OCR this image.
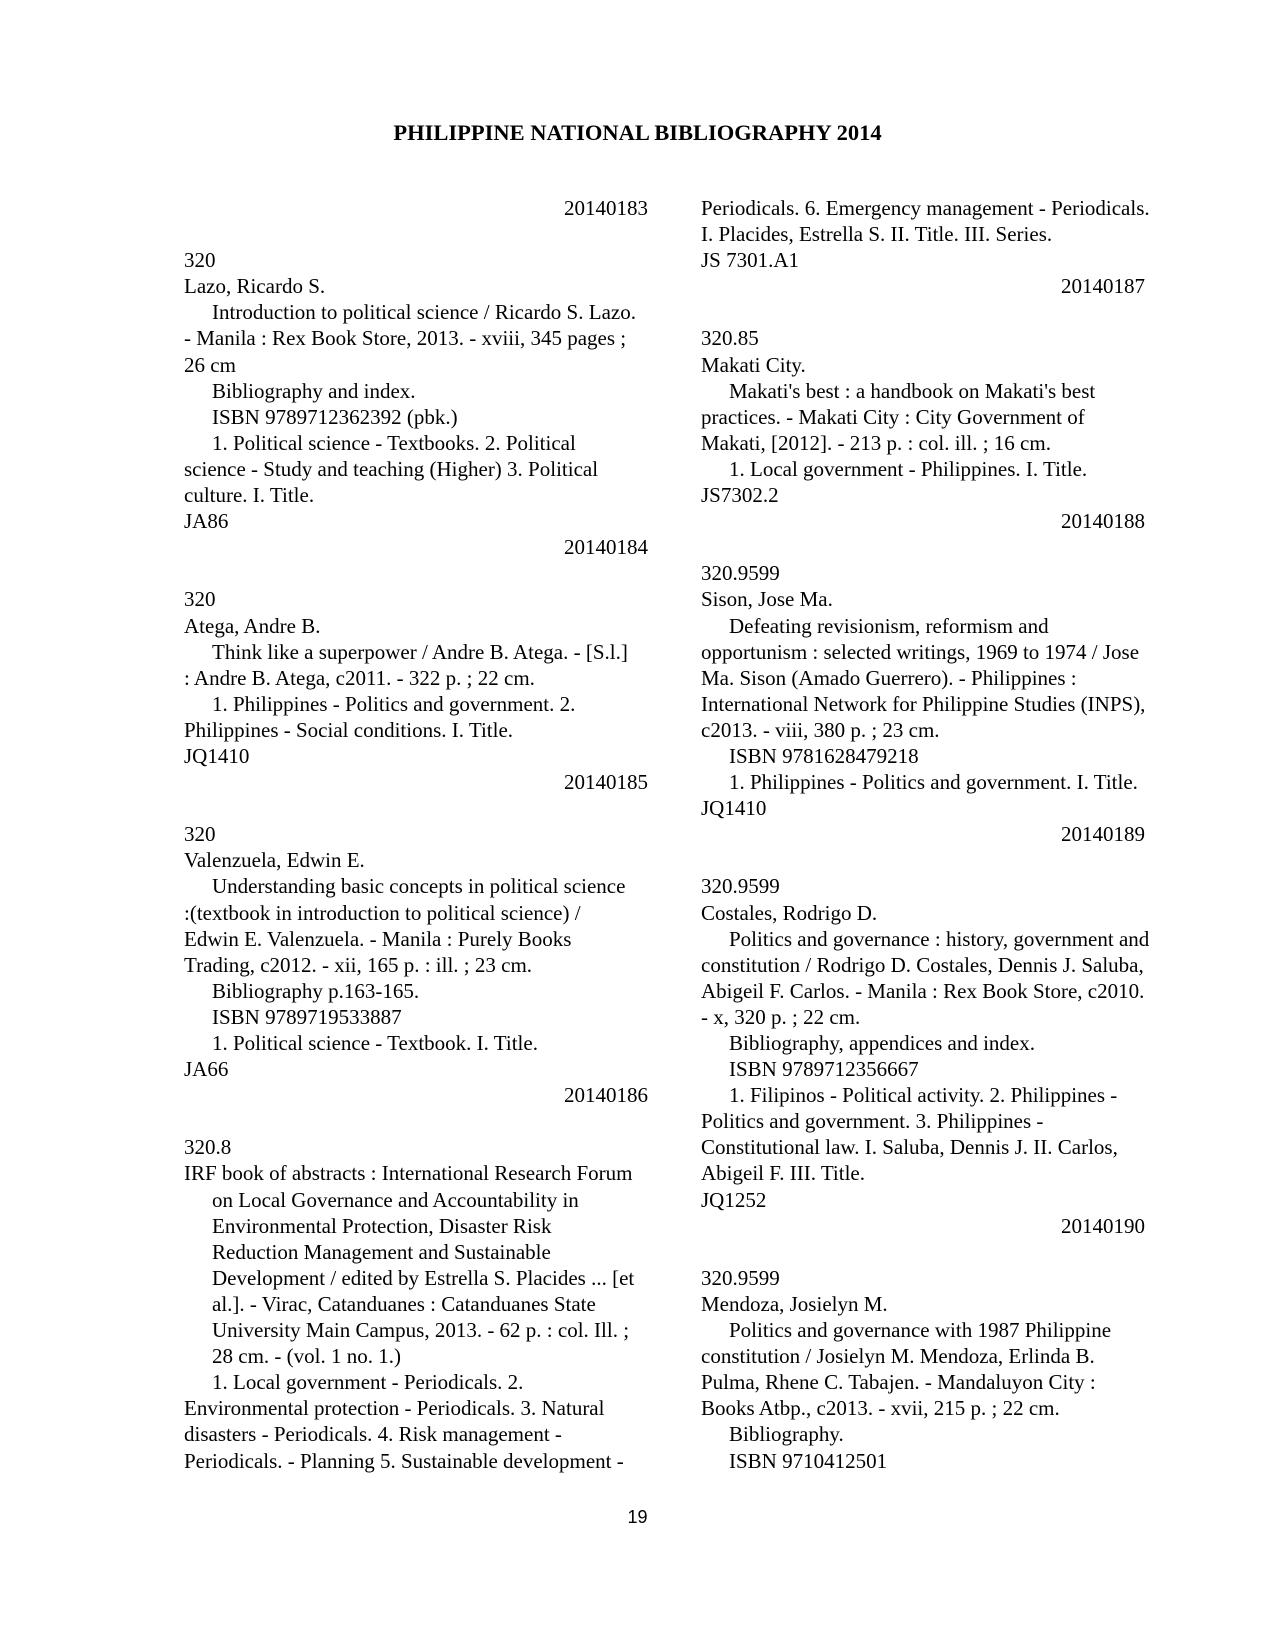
PHILIPPINE NATIONAL BIBLIOGRAPHY 2014
20140183
320
Lazo, Ricardo S.
Introduction to political science / Ricardo S. Lazo.
- Manila : Rex Book Store, 2013. - xviii, 345 pages ;
26 cm
Bibliography and index.
ISBN 9789712362392 (pbk.)
1. Political science - Textbooks. 2. Political
science - Study and teaching (Higher) 3. Political
culture. I. Title.
JA86
20140184
320
Atega, Andre B.
Think like a superpower / Andre B. Atega. - [S.l.]
: Andre B. Atega, c2011. - 322 p. ; 22 cm.
1. Philippines - Politics and government. 2.
Philippines - Social conditions. I. Title.
JQ1410
20140185
320
Valenzuela, Edwin E.
Understanding basic concepts in political science
:(textbook in introduction to political science) /
Edwin E. Valenzuela. - Manila : Purely Books
Trading, c2012. - xii, 165 p. : ill. ; 23 cm.
Bibliography p.163-165.
ISBN 9789719533887
1. Political science - Textbook. I. Title.
JA66
20140186
320.8
IRF book of abstracts : International Research Forum
on Local Governance and Accountability in
Environmental Protection, Disaster Risk
Reduction Management and Sustainable
Development / edited by Estrella S. Placides ... [et
al.]. - Virac, Catanduanes : Catanduanes State
University Main Campus, 2013. - 62 p. : col. Ill. ;
28 cm. - (vol. 1 no. 1.)
1. Local government - Periodicals. 2.
Environmental protection - Periodicals. 3. Natural
disasters - Periodicals. 4. Risk management -
Periodicals. - Planning 5. Sustainable development -
Periodicals. 6. Emergency management - Periodicals.
I. Placides, Estrella S. II. Title. III. Series.
JS 7301.A1
20140187
320.85
Makati City.
Makati's best : a handbook on Makati's best
practices. - Makati City : City Government of
Makati, [2012]. - 213 p. : col. ill. ; 16 cm.
1. Local government - Philippines. I. Title.
JS7302.2
20140188
320.9599
Sison, Jose Ma.
Defeating revisionism, reformism and
opportunism : selected writings, 1969 to 1974 / Jose
Ma. Sison (Amado Guerrero). - Philippines :
International Network for Philippine Studies (INPS),
c2013. - viii, 380 p. ; 23 cm.
ISBN 9781628479218
1. Philippines - Politics and government. I. Title.
JQ1410
20140189
320.9599
Costales, Rodrigo D.
Politics and governance : history, government and
constitution / Rodrigo D. Costales, Dennis J. Saluba,
Abigeil F. Carlos. - Manila : Rex Book Store, c2010.
- x, 320 p. ; 22 cm.
Bibliography, appendices and index.
ISBN 9789712356667
1. Filipinos - Political activity. 2. Philippines -
Politics and government. 3. Philippines -
Constitutional law. I. Saluba, Dennis J. II. Carlos,
Abigeil F. III. Title.
JQ1252
20140190
320.9599
Mendoza, Josielyn M.
Politics and governance with 1987 Philippine
constitution / Josielyn M. Mendoza, Erlinda B.
Pulma, Rhene C. Tabajen. - Mandaluyon City :
Books Atbp., c2013. - xvii, 215 p. ; 22 cm.
Bibliography.
ISBN 9710412501
19
